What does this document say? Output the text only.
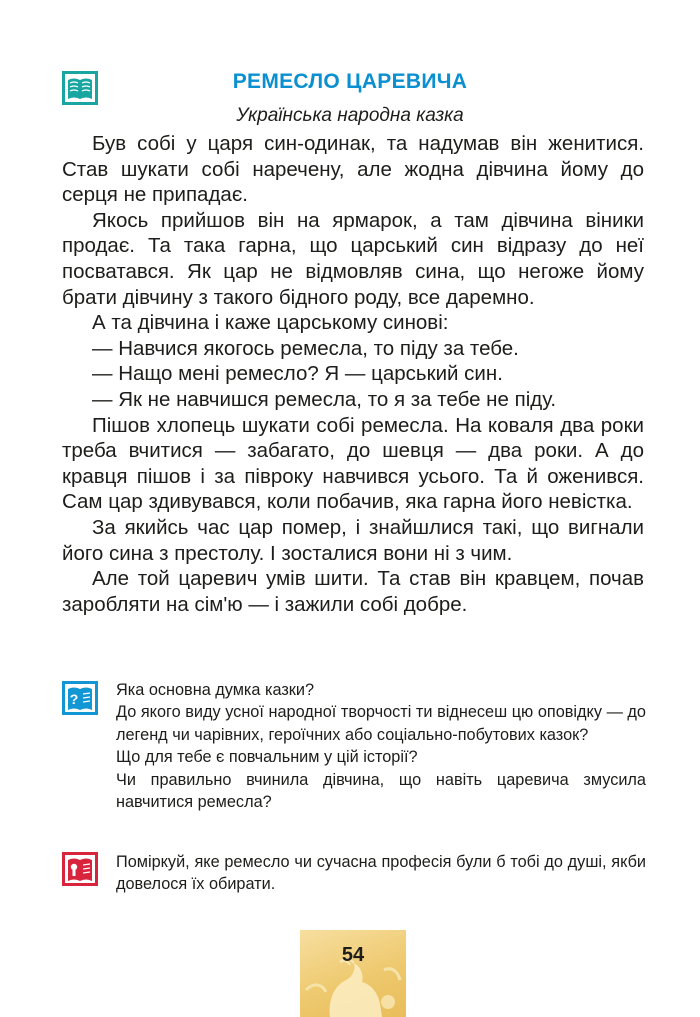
РЕМЕСЛО ЦАРЕВИЧА
Українська народна казка

Був собі у царя син-одинак, та надумав він женитися. Став шукати собі наречену, але жодна дівчина йому до серця не припадає.

Якось прийшов він на ярмарок, а там дівчина віники продає. Та така гарна, що царський син відразу до неї посватався. Як цар не відмовляв сина, що негоже йому брати дівчину з такого бідного роду, все даремно.

А та дівчина і каже царському синові:

— Навчися якогось ремесла, то піду за тебе.

— Нащо мені ремесло? Я — царський син.

— Як не навчишся ремесла, то я за тебе не піду.

Пішов хлопець шукати собі ремесла. На коваля два роки треба вчитися — забагато, до шевця — два роки. А до кравця пішов і за півроку навчився усього. Та й оженився. Сам цар здивувався, коли побачив, яка гарна його невістка.

За якийсь час цар помер, і знайшлися такі, що вигнали його сина з престолу. І зосталися вони ні з чим.

Але той царевич умів шити. Та став він кравцем, почав заробляти на сім'ю — і зажили собі добре.

? Яка основна думка казки?

До якого виду усної народної творчості ти віднесеш цю оповідку — до легенд чи чарівних, героїчних або соціально-побутових казок?

Що для тебе є повчальним у цій історії?

Чи правильно вчинила дівчина, що навіть царевича змусила навчитися ремесла?

Поміркуй, яке ремесло чи сучасна професія були б тобі до душі, якби довелося їх обирати.

54
